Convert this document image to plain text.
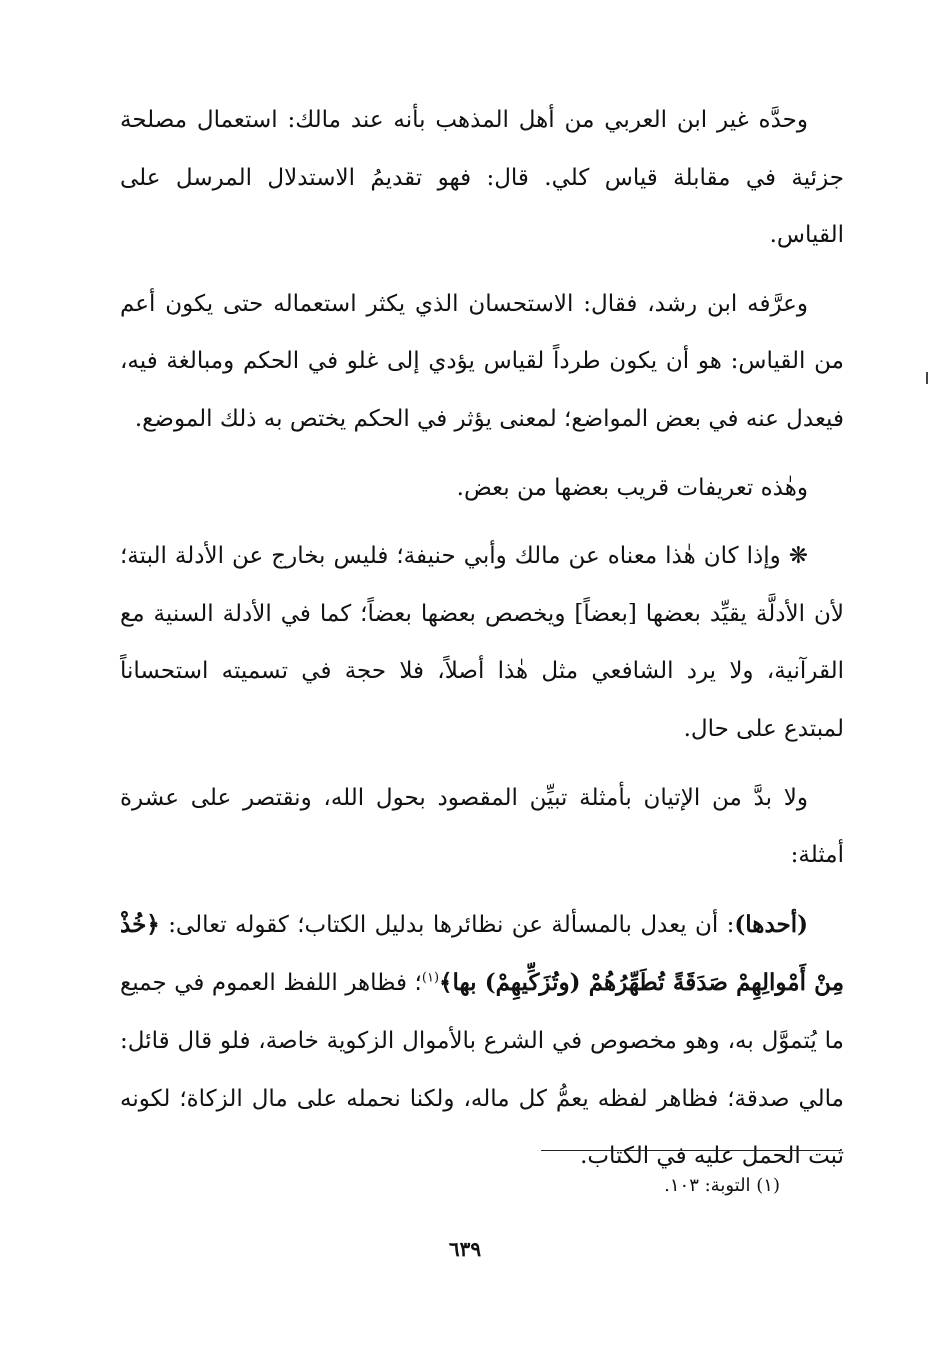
وحدَّه غير ابن العربي من أهل المذهب بأنه عند مالك: استعمال مصلحة جزئية في مقابلة قياس كلي. قال: فهو تقديمُ الاستدلال المرسل على القياس.

وعرَّفه ابن رشد، فقال: الاستحسان الذي يكثر استعماله حتى يكون أعم من القياس: هو أن يكون طرداً لقياس يؤدي إلى غلو في الحكم ومبالغة فيه، فيعدل عنه في بعض المواضع؛ لمعنى يؤثر في الحكم يختص به ذلك الموضع.

وهٰذه تعريفات قريب بعضها من بعض.

❋ وإذا كان هٰذا معناه عن مالك وأبي حنيفة؛ فليس بخارج عن الأدلة البتة؛ لأن الأدلَّة يقيِّد بعضها [بعضاً] ويخصص بعضها بعضاً؛ كما في الأدلة السنية مع القرآنية، ولا يرد الشافعي مثل هٰذا أصلاً، فلا حجة في تسميته استحساناً لمبتدع على حال.

ولا بدَّ من الإتيان بأمثلة تبيِّن المقصود بحول الله، ونقتصر على عشرة أمثلة:

(أحدها): أن يعدل بالمسألة عن نظائرها بدليل الكتاب؛ كقوله تعالى: ﴿خُذْ مِنْ أَمْوالِهِمْ صَدَقَةً تُطَهِّرُهُمْ (وتُزَكِّيهِمْ) بها﴾$^{(١)}$؛ فظاهر اللفظ العموم في جميع ما يُتموَّل به، وهو مخصوص في الشرع بالأموال الزكوية خاصة، فلو قال قائل: مالي صدقة؛ فظاهر لفظه يعمُّ كل ماله، ولكنا نحمله على مال الزكاة؛ لكونه ثبت الحمل عليه في الكتاب.

(١) التوبة: ١٠٣.
٦٣٩
